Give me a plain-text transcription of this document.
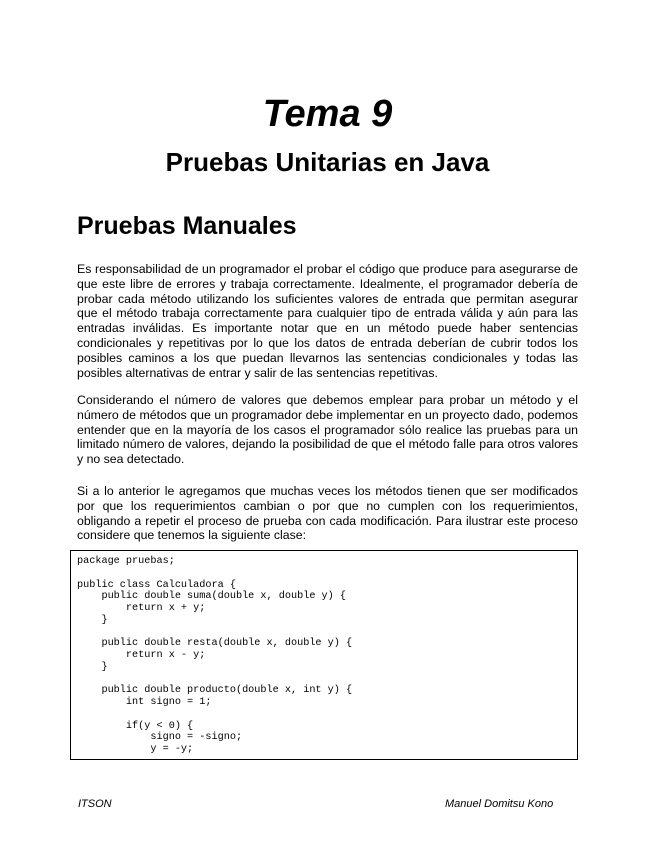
Tema 9
Pruebas Unitarias en Java
Pruebas Manuales

Es responsabilidad de un programador el probar el código que produce para asegurarse de que este libre de errores y trabaja correctamente. Idealmente, el programador debería de probar cada método utilizando los suficientes valores de entrada que permitan asegurar que el método trabaja correctamente para cualquier tipo de entrada válida y aún para las entradas inválidas. Es importante notar que en un método puede haber sentencias condicionales y repetitivas por lo que los datos de entrada deberían de cubrir todos los posibles caminos a los que puedan llevarnos las sentencias condicionales y todas las posibles alternativas de entrar y salir de las sentencias repetitivas.

Considerando el número de valores que debemos emplear para probar un método y el número de métodos que un programador debe implementar en un proyecto dado, podemos entender que en la mayoría de los casos el programador sólo realice las pruebas para un limitado número de valores, dejando la posibilidad de que el método falle para otros valores y no sea detectado.

Si a lo anterior le agregamos que muchas veces los métodos tienen que ser modificados por que los requerimientos cambian o por que no cumplen con los requerimientos, obligando a repetir el proceso de prueba con cada modificación. Para ilustrar este proceso considere que tenemos la siguiente clase:

package pruebas;

public class Calculadora {
public double suma(double x, double y) {
return x + y;
}

public double resta(double x, double y) {
return x - y;
}

public double producto(double x, int y) {
int signo = 1;

if(y < 0) {
signo = -signo;
y = -y;

ITSON	Manuel Domitsu Kono
